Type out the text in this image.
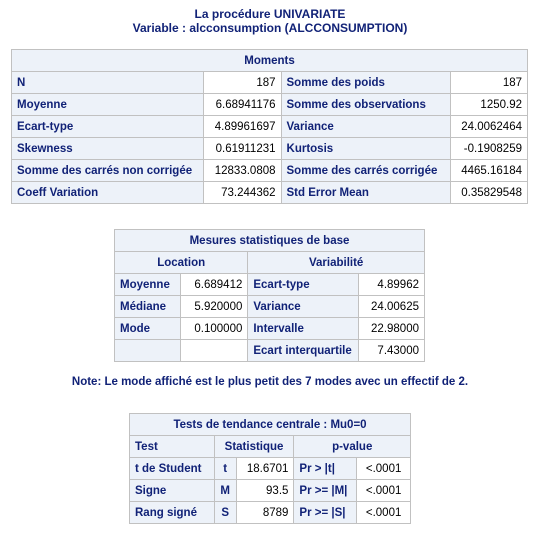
La procédure UNIVARIATE
Variable : alcconsumption (ALCCONSUMPTION)
Moments			
N	187	Somme des poids	187
Moyenne	6.68941176	Somme des observations	1250.92
Ecart-type	4.89961697	Variance	24.0062464
Skewness	0.61911231	Kurtosis	-0.1908259
Somme des carrés non corrigée	12833.0808	Somme des carrés corrigée	4465.16184
Coeff Variation	73.244362	Std Error Mean	0.35829548
Mesures statistiques de base			
Location		Variabilité	
Moyenne	6.689412	Ecart-type	4.89962
Médiane	5.920000	Variance	24.00625
Mode	0.100000	Intervalle	22.98000
		Ecart interquartile	7.43000
Note: Le mode affiché est le plus petit des 7 modes avec un effectif de 2.
Tests de tendance centrale : Mu0=0				
Test	Statistique		p-value	
t de Student	t	18.6701	Pr > |t|	<.0001
Signe	M	93.5	Pr >= |M|	<.0001
Rang signé	S	8789	Pr >= |S|	<.0001
